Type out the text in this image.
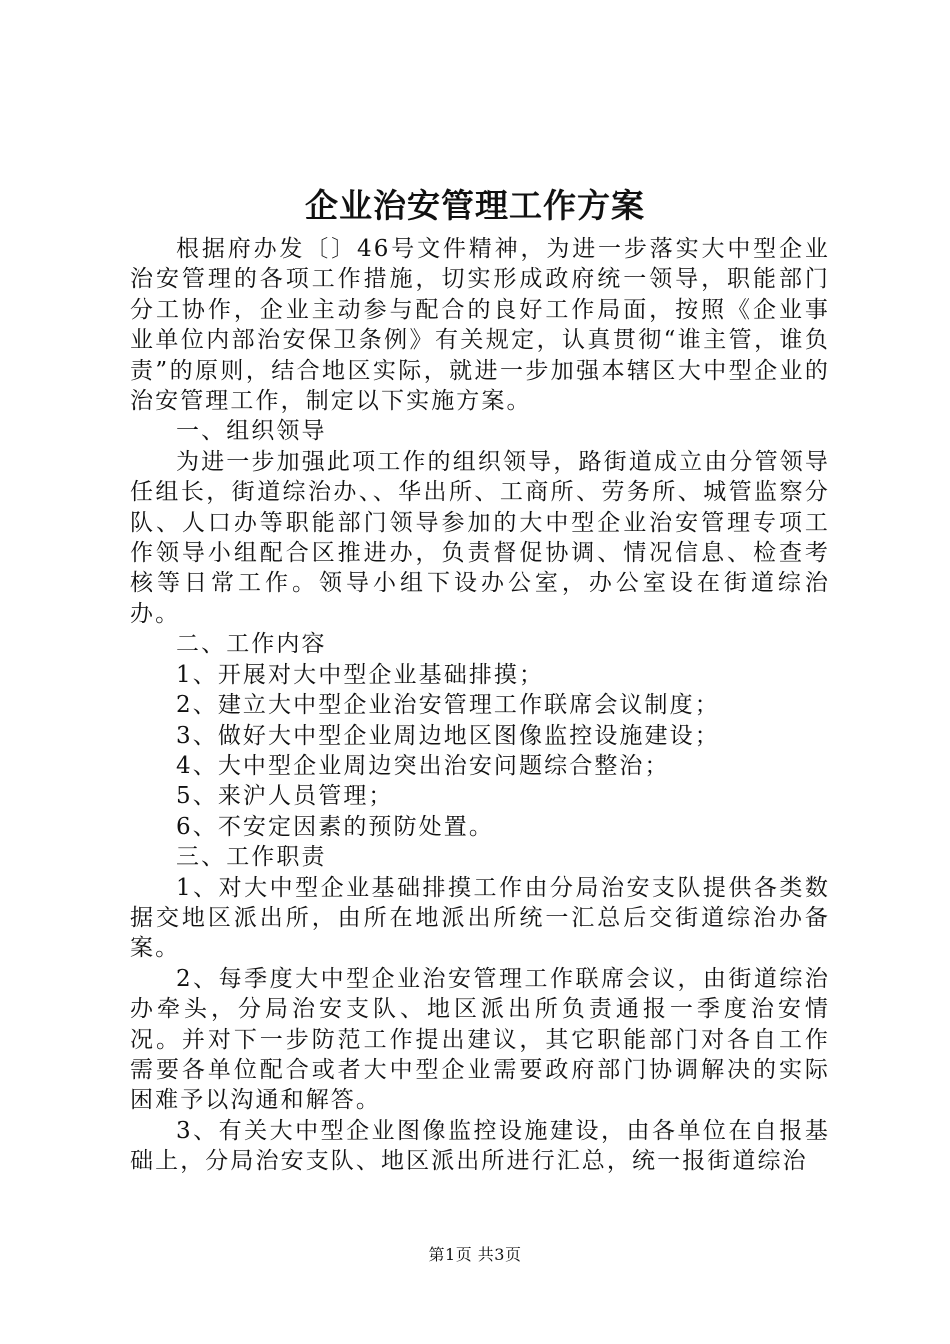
企业治安管理工作方案

根据府办发〔〕46号文件精神，为进一步落实大中型企业治安管理的各项工作措施，切实形成政府统一领导，职能部门分工协作，企业主动参与配合的良好工作局面，按照《企业事业单位内部治安保卫条例》有关规定，认真贯彻“谁主管，谁负责”的原则，结合地区实际，就进一步加强本辖区大中型企业的治安管理工作，制定以下实施方案。

一、组织领导

为进一步加强此项工作的组织领导，路街道成立由分管领导任组长，街道综治办、、华出所、工商所、劳务所、城管监察分队、人口办等职能部门领导参加的大中型企业治安管理专项工作领导小组配合区推进办，负责督促协调、情况信息、检查考核等日常工作。领导小组下设办公室，办公室设在街道综治办。

二、工作内容

1、开展对大中型企业基础排摸；

2、建立大中型企业治安管理工作联席会议制度；

3、做好大中型企业周边地区图像监控设施建设；

4、大中型企业周边突出治安问题综合整治；

5、来沪人员管理；

6、不安定因素的预防处置。

三、工作职责

1、对大中型企业基础排摸工作由分局治安支队提供各类数据交地区派出所，由所在地派出所统一汇总后交街道综治办备案。

2、每季度大中型企业治安管理工作联席会议，由街道综治办牵头，分局治安支队、地区派出所负责通报一季度治安情况。并对下一步防范工作提出建议，其它职能部门对各自工作需要各单位配合或者大中型企业需要政府部门协调解决的实际困难予以沟通和解答。

3、有关大中型企业图像监控设施建设，由各单位在自报基础上，分局治安支队、地区派出所进行汇总，统一报街道综治

第1页 共3页
